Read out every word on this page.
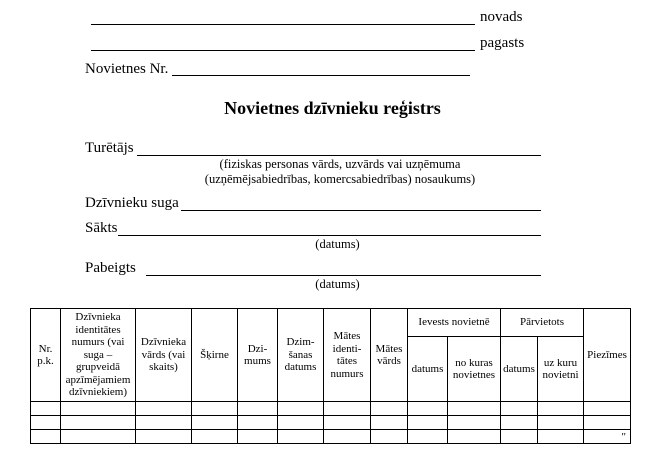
novads
pagasts
Novietnes Nr.
Novietnes dzīvnieku reģistrs
Turētājs
(fiziskas personas vārds, uzvārds vai uzņēmuma
(uzņēmējsabiedrības, komercsabiedrības) nosaukums)
Dzīvnieku suga
Sākts
(datums)
Pabeigts
(datums)
Nr. p.k.	Dzīvnieka identitātes numurs (vai suga – grupveidā apzīmējamiem dzīvniekiem)	Dzīvnieka vārds (vai skaits)	Šķirne	Dzi-mums	Dzim-šanas datums	Mātes identi-tātes numurs	Mātes vārds	Ievests novietnē		Pārvietots		Piezīmes
								datums	no kuras novietnes	datums	uz kuru novietni	

												"
